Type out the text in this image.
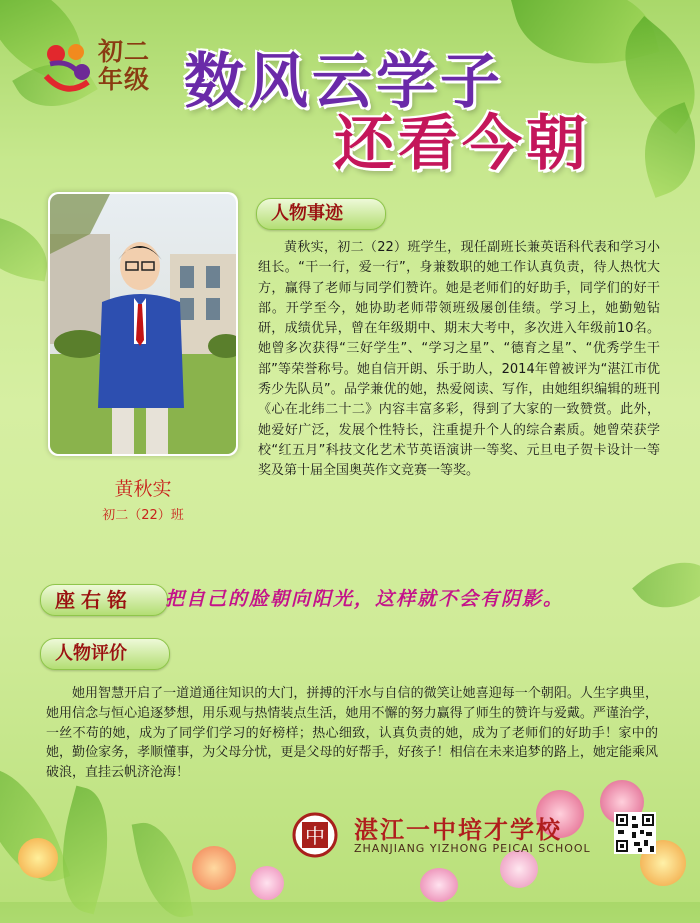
初二
年级 数风云学子
还看今朝
黄秋实
初二（22）班
人物事迹

黄秋实，初二（22）班学生，现任副班长兼英语科代表和学习小组长。“干一行，爱一行”，身兼数职的她工作认真负责，待人热忱大方，赢得了老师与同学们赞许。她是老师们的好助手，同学们的好干部。开学至今，她协助老师带领班级屡创佳绩。学习上，她勤勉钻研，成绩优异，曾在年级期中、期末大考中，多次进入年级前10名。她曾多次获得“三好学生”、“学习之星”、“德育之星”、“优秀学生干部”等荣誉称号。她自信开朗、乐于助人，2014年曾被评为“湛江市优秀少先队员”。品学兼优的她，热爱阅读、写作，由她组织编辑的班刊《心在北纬二十二》内容丰富多彩，得到了大家的一致赞赏。此外，她爱好广泛，发展个性特长，注重提升个人的综合素质。她曾荣获学校“红五月”科技文化艺术节英语演讲一等奖、元旦电子贺卡设计一等奖及第十届全国奥英作文竞赛一等奖。

座右铭	把自己的脸朝向阳光，这样就不会有阴影。
人物评价

她用智慧开启了一道道通往知识的大门，拼搏的汗水与自信的微笑让她喜迎每一个朝阳。人生字典里，她用信念与恒心追逐梦想，用乐观与热情装点生活，她用不懈的努力赢得了师生的赞许与爱戴。严谨治学，一丝不苟的她，成为了同学们学习的好榜样；热心细致，认真负责的她，成为了老师们的好助手！家中的她，勤俭家务，孝顺懂事，为父母分忧，更是父母的好帮手，好孩子！相信在未来追梦的路上，她定能乘风破浪，直挂云帆济沧海！

中 湛江一中培才学校
ZHANJIANG YIZHONG PEICAI SCHOOL
